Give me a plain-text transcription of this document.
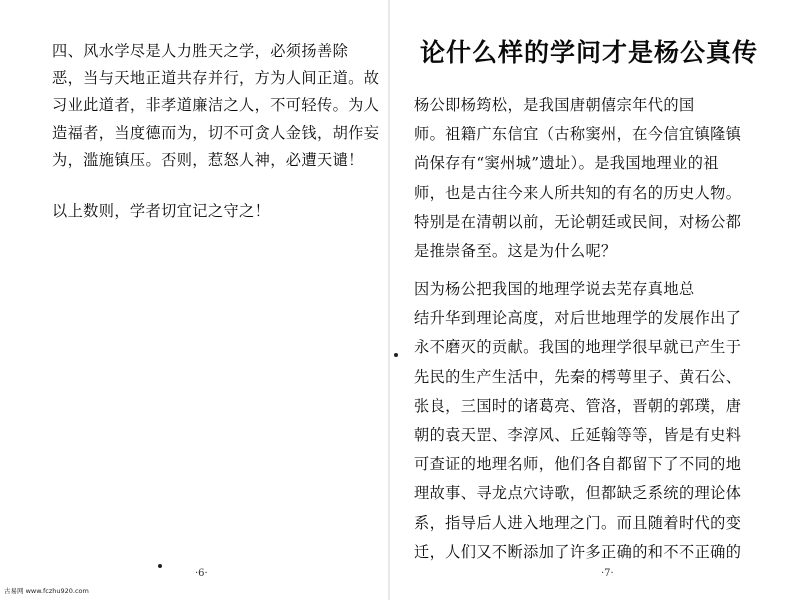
四、风水学尽是人力胜天之学，必须扬善除
恶，当与天地正道共存并行，方为人间正道。故
习业此道者，非孝道廉洁之人，不可轻传。为人
造福者，当度德而为，切不可贪人金钱，胡作妄
为，滥施镇压。否则，惹怒人神，必遭天谴！

以上数则，学者切宜记之守之！

·6·
论什么样的学问才是杨公真传

杨公即杨筠松，是我国唐朝僖宗年代的国
师。祖籍广东信宜（古称窦州，在今信宜镇隆镇
尚保存有“窦州城”遗址）。是我国地理业的祖
师，也是古往今来人所共知的有名的历史人物。
特别是在清朝以前，无论朝廷或民间，对杨公都
是推崇备至。这是为什么呢？

因为杨公把我国的地理学说去芜存真地总
结升华到理论高度，对后世地理学的发展作出了
永不磨灭的贡献。我国的地理学很早就已产生于
先民的生产生活中，先秦的樗萼里子、黄石公、
张良，三国时的诸葛亮、管洛，晋朝的郭璞，唐
朝的袁天罡、李淳风、丘延翰等等，皆是有史料
可查证的地理名师，他们各自都留下了不同的地
理故事、寻龙点穴诗歌，但都缺乏系统的理论体
系，指导后人进入地理之门。而且随着时代的变
迁，人们又不断添加了许多正确的和不不正确的

·7·
古易网 www.fczhu920.com
